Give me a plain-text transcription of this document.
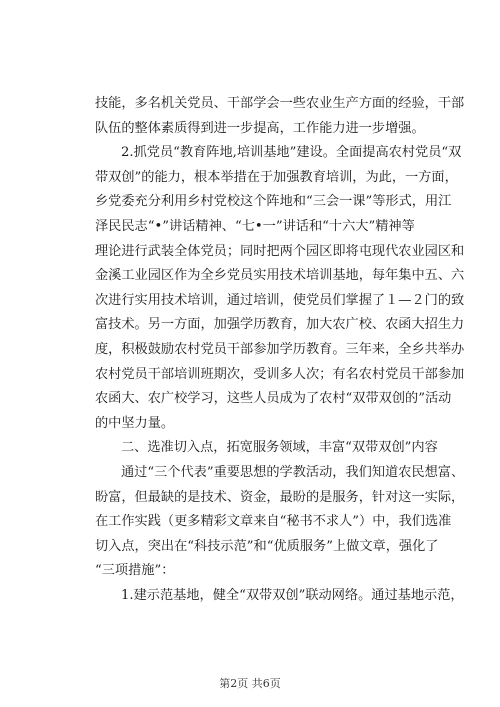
技能，多名机关党员、干部学会一些农业生产方面的经验，干部
队伍的整体素质得到进一步提高，工作能力进一步增强。
2.抓党员“教育阵地,培训基地”建设。全面提高农村党员“双
带双创”的能力，根本举措在于加强教育培训，为此，一方面，
乡党委充分利用乡村党校这个阵地和“三会一课”等形式，用江
泽民民志“•”讲话精神、“七•一”讲话和“十六大”精神等
理论进行武装全体党员；同时把两个园区即将屯现代农业园区和
金溪工业园区作为全乡党员实用技术培训基地，每年集中五、六
次进行实用技术培训，通过培训，使党员们掌握了１—２门的致
富技术。另一方面，加强学历教育，加大农广校、农函大招生力
度，积极鼓励农村党员干部参加学历教育。三年来，全乡共举办
农村党员干部培训班期次，受训多人次；有名农村党员干部参加
农函大、农广校学习，这些人员成为了农村“双带双创的”活动
的中坚力量。
二、选准切入点，拓宽服务领域，丰富“双带双创”内容
通过“三个代表”重要思想的学教活动，我们知道农民想富、
盼富，但最缺的是技术、资金，最盼的是服务，针对这一实际，
在工作实践（更多精彩文章来自“秘书不求人”）中，我们选准
切入点，突出在“科技示范”和“优质服务”上做文章，强化了
“三项措施”：
1.建示范基地，健全“双带双创”联动网络。通过基地示范，
第2页 共6页
